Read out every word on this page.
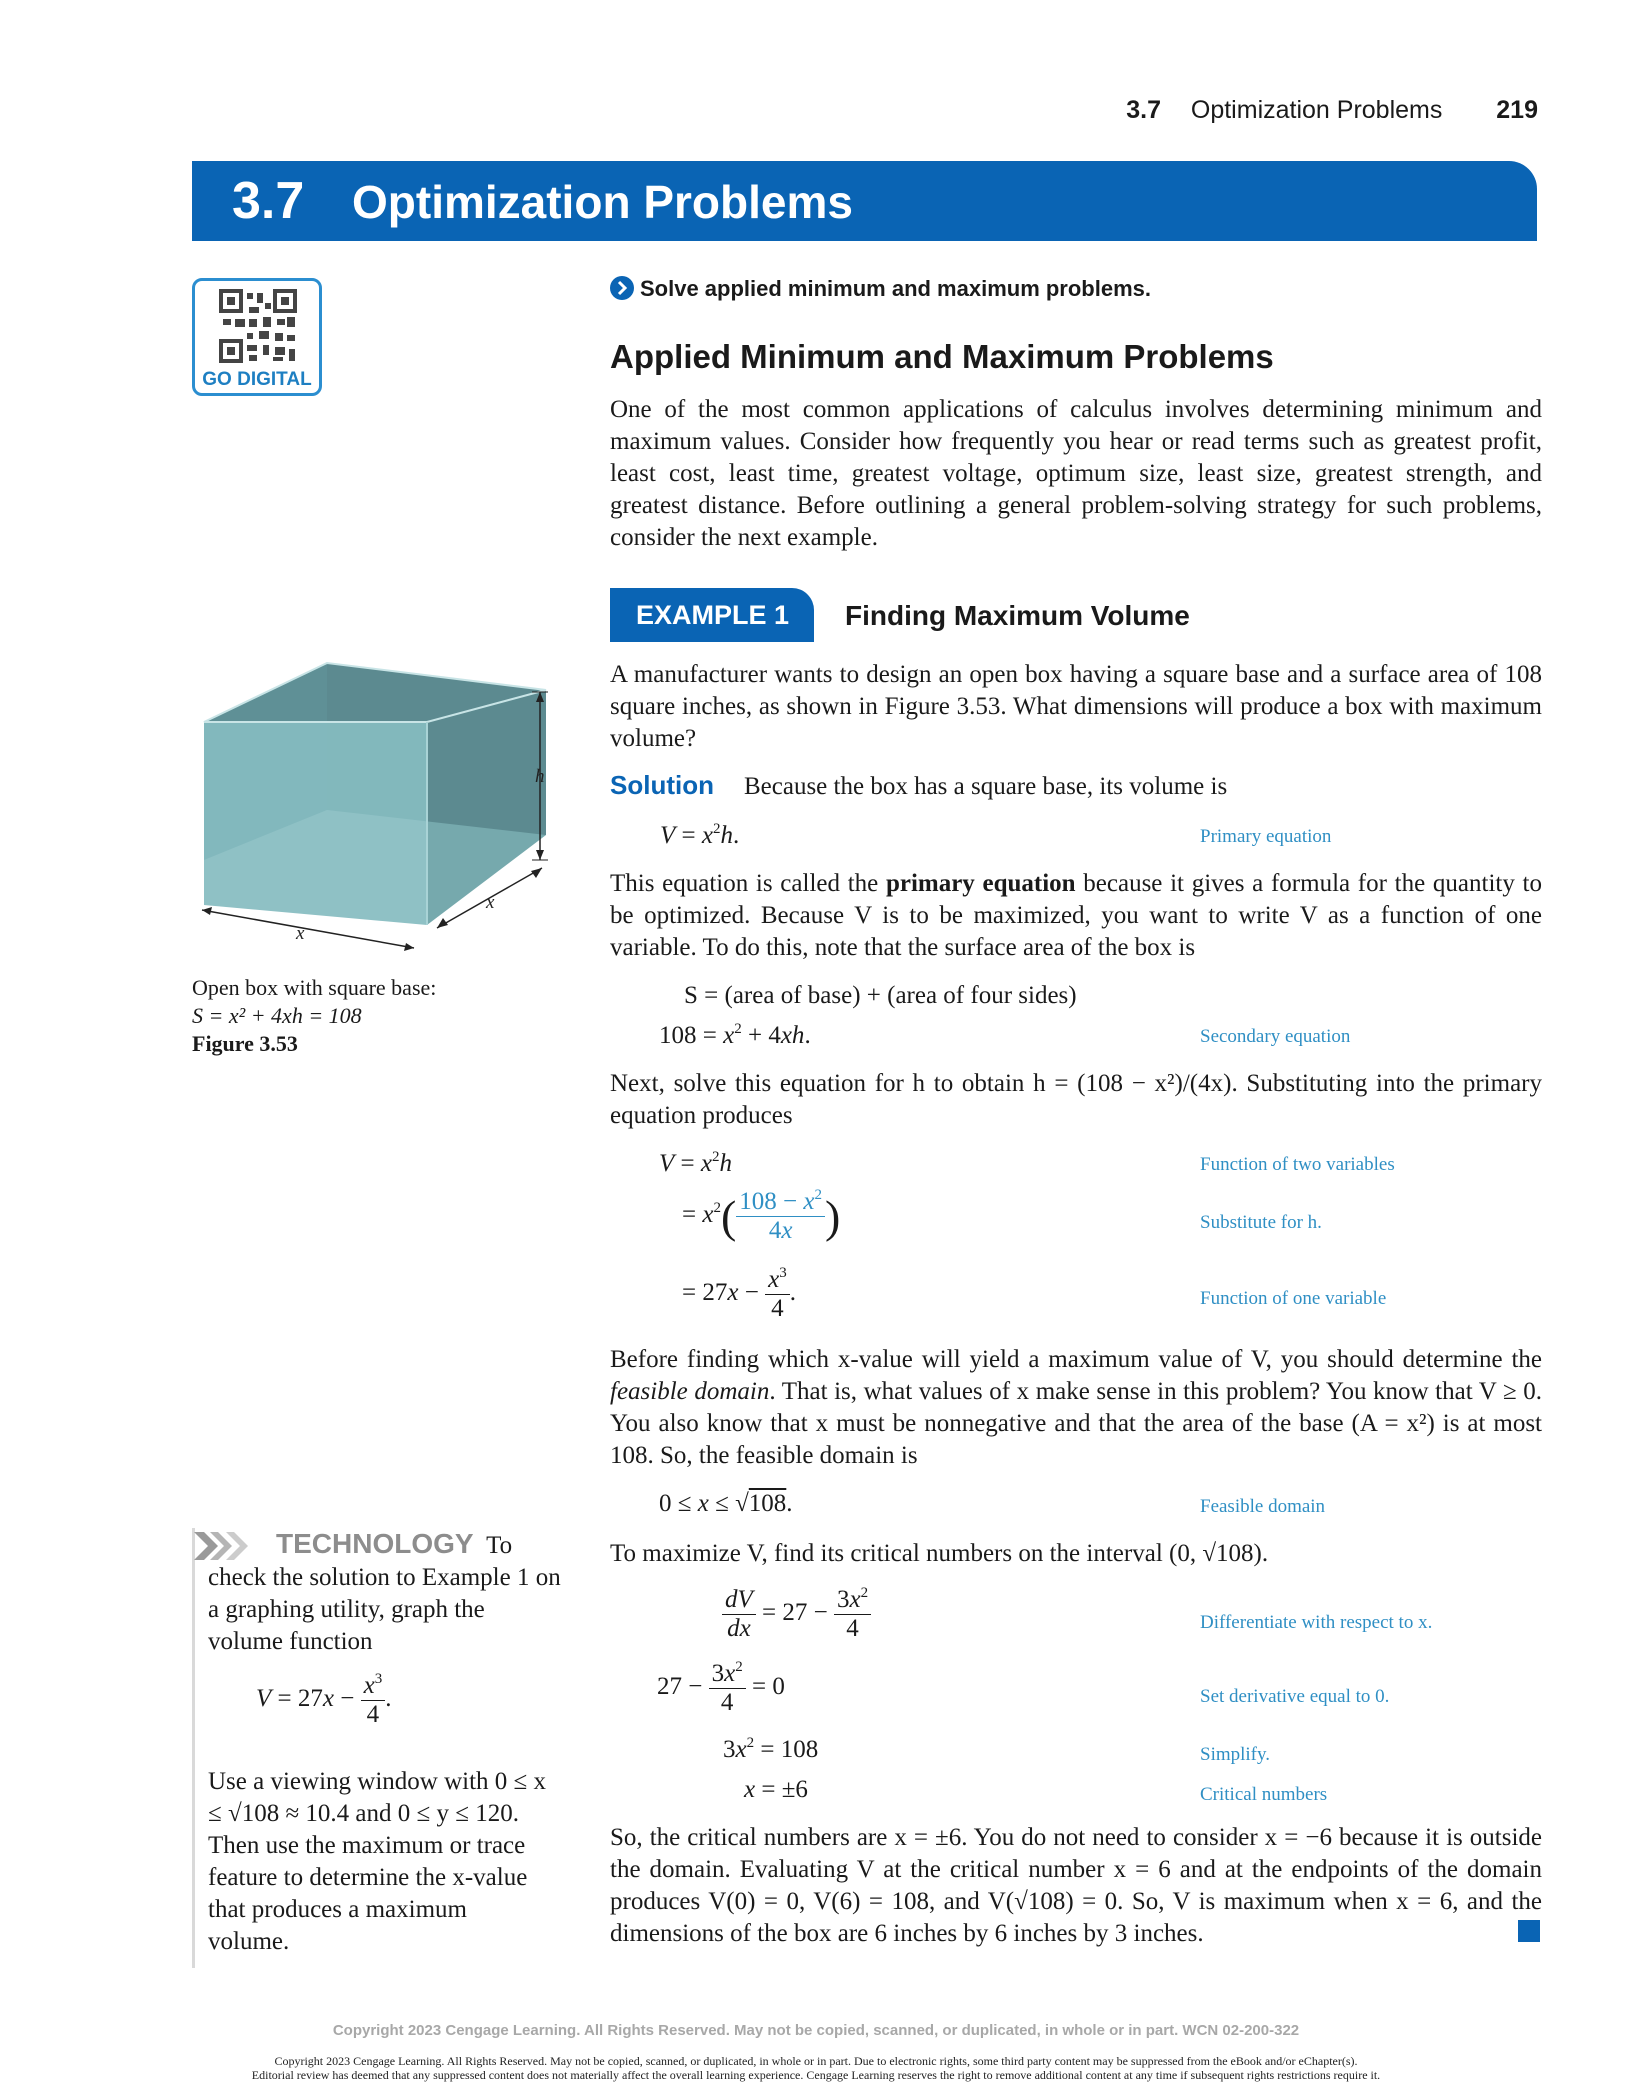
3.7 Optimization Problems 219
3.7 Optimization Problems
GO DIGITAL
Solve applied minimum and maximum problems.
Applied Minimum and Maximum Problems
One of the most common applications of calculus involves determining minimum and maximum values. Consider how frequently you hear or read terms such as greatest profit, least cost, least time, greatest voltage, optimum size, least size, greatest strength, and greatest distance. Before outlining a general problem-solving strategy for such problems, consider the next example.
EXAMPLE 1	Finding Maximum Volume
A manufacturer wants to design an open box having a square base and a surface area of 108 square inches, as shown in Figure 3.53. What dimensions will produce a box with maximum volume?
Solution Because the box has a square base, its volume is
$V = x^2h$.	Primary equation
This equation is called the primary equation because it gives a formula for the quantity to be optimized. Because V is to be maximized, you want to write V as a function of one variable. To do this, note that the surface area of the box is
S = (area of base) + (area of four sides)
$108 = x^2 + 4xh$.	Secondary equation
Next, solve this equation for h to obtain h = (108 − x²)/(4x). Substituting into the primary equation produces
$V = x^2h$	Function of two variables
= $x^2( \frac{108 - x^2}{4x}$ )	Substitute for h.
= $27x - \frac{x^3}{4}$ .	Function of one variable
Before finding which x-value will yield a maximum value of V, you should determine the feasible domain. That is, what values of x make sense in this problem? You know that V ≥ 0. You also know that x must be nonnegative and that the area of the base (A = x²) is at most 108. So, the feasible domain is
0 ≤ x ≤ √108.	Feasible domain
To maximize V, find its critical numbers on the interval (0, √108).
$\frac{dV}{dx} = 27 - \frac{3x^2}{4}$	Differentiate with respect to x.
$27 - \frac{3x^2}{4} = 0$	Set derivative equal to 0.
$3x^2 = 108$	Simplify.
x = ±6	Critical numbers
So, the critical numbers are x = ±6. You do not need to consider x = −6 because it is outside the domain. Evaluating V at the critical number x = 6 and at the endpoints of the domain produces V(0) = 0, V(6) = 108, and V(√108) = 0. So, V is maximum when x = 6, and the dimensions of the box are 6 inches by 6 inches by 3 inches.
h
x
x
Open box with square base:
S = x² + 4xh = 108
Figure 3.53
TECHNOLOGY To check the solution to Example 1 on a graphing utility, graph the volume function
$V = 27x - \frac{x^3}{4}$ .
Use a viewing window with 0 ≤ x ≤ √108 ≈ 10.4 and 0 ≤ y ≤ 120. Then use the maximum or trace feature to determine the x-value that produces a maximum volume.
Copyright 2023 Cengage Learning. All Rights Reserved. May not be copied, scanned, or duplicated, in whole or in part. WCN 02-200-322
Copyright 2023 Cengage Learning. All Rights Reserved. May not be copied, scanned, or duplicated, in whole or in part. Due to electronic rights, some third party content may be suppressed from the eBook and/or eChapter(s).
Editorial review has deemed that any suppressed content does not materially affect the overall learning experience. Cengage Learning reserves the right to remove additional content at any time if subsequent rights restrictions require it.
